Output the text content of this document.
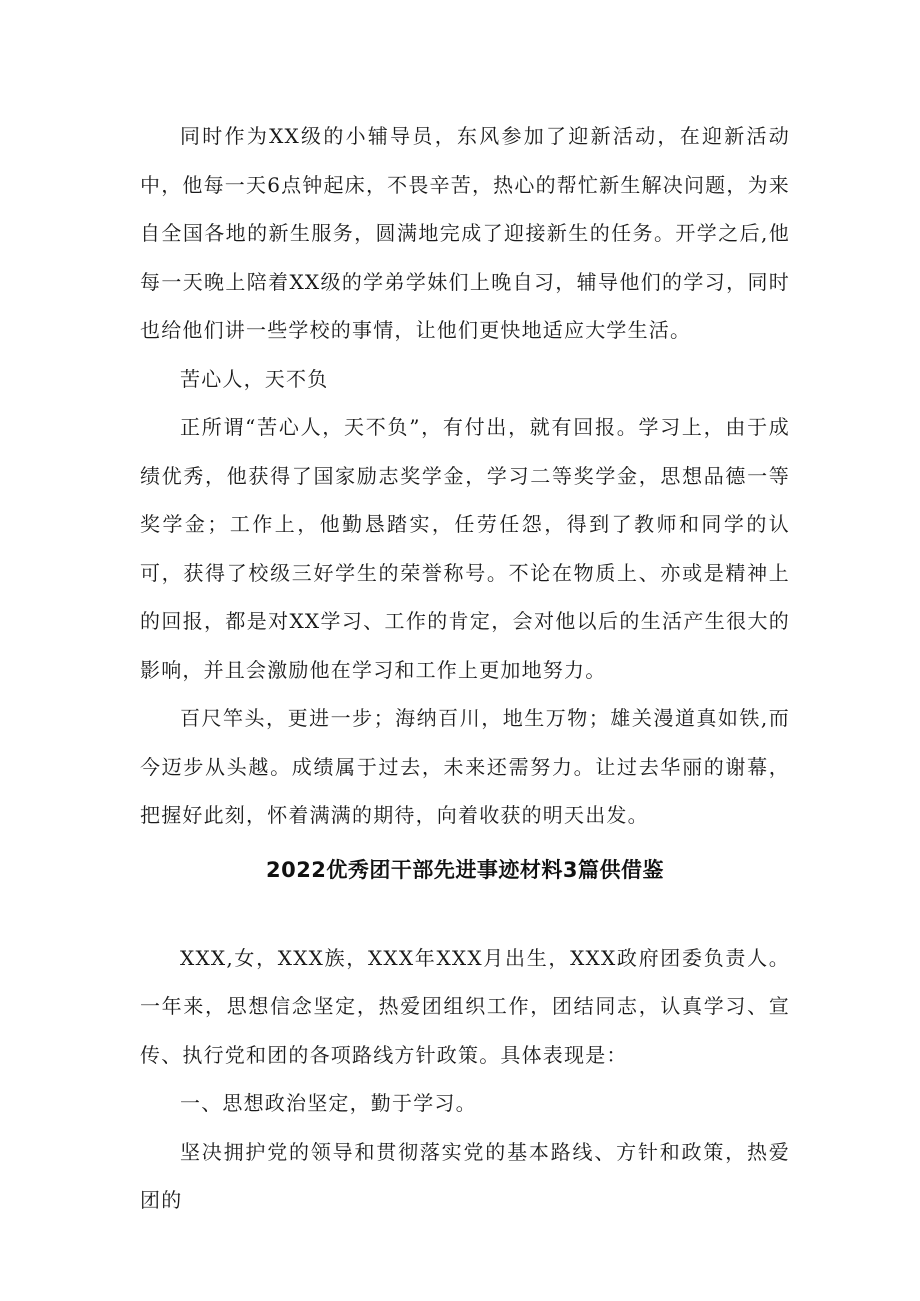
同时作为XX级的小辅导员，东风参加了迎新活动，在迎新活动中，他每一天6点钟起床，不畏辛苦，热心的帮忙新生解决问题，为来自全国各地的新生服务，圆满地完成了迎接新生的任务。开学之后,他每一天晚上陪着XX级的学弟学妹们上晚自习，辅导他们的学习，同时也给他们讲一些学校的事情，让他们更快地适应大学生活。

苦心人，天不负

正所谓“苦心人，天不负”，有付出，就有回报。学习上，由于成绩优秀，他获得了国家励志奖学金，学习二等奖学金，思想品德一等奖学金；工作上，他勤恳踏实，任劳任怨，得到了教师和同学的认可，获得了校级三好学生的荣誉称号。不论在物质上、亦或是精神上的回报，都是对XX学习、工作的肯定，会对他以后的生活产生很大的影响，并且会激励他在学习和工作上更加地努力。

百尺竿头，更进一步；海纳百川，地生万物；雄关漫道真如铁,而今迈步从头越。成绩属于过去，未来还需努力。让过去华丽的谢幕，把握好此刻，怀着满满的期待，向着收获的明天出发。

2022优秀团干部先进事迹材料3篇供借鉴

XXX,女，XXX族，XXX年XXX月出生，XXX政府团委负责人。一年来，思想信念坚定，热爱团组织工作，团结同志，认真学习、宣传、执行党和团的各项路线方针政策。具体表现是：

一、思想政治坚定，勤于学习。

坚决拥护党的领导和贯彻落实党的基本路线、方针和政策，热爱团的
